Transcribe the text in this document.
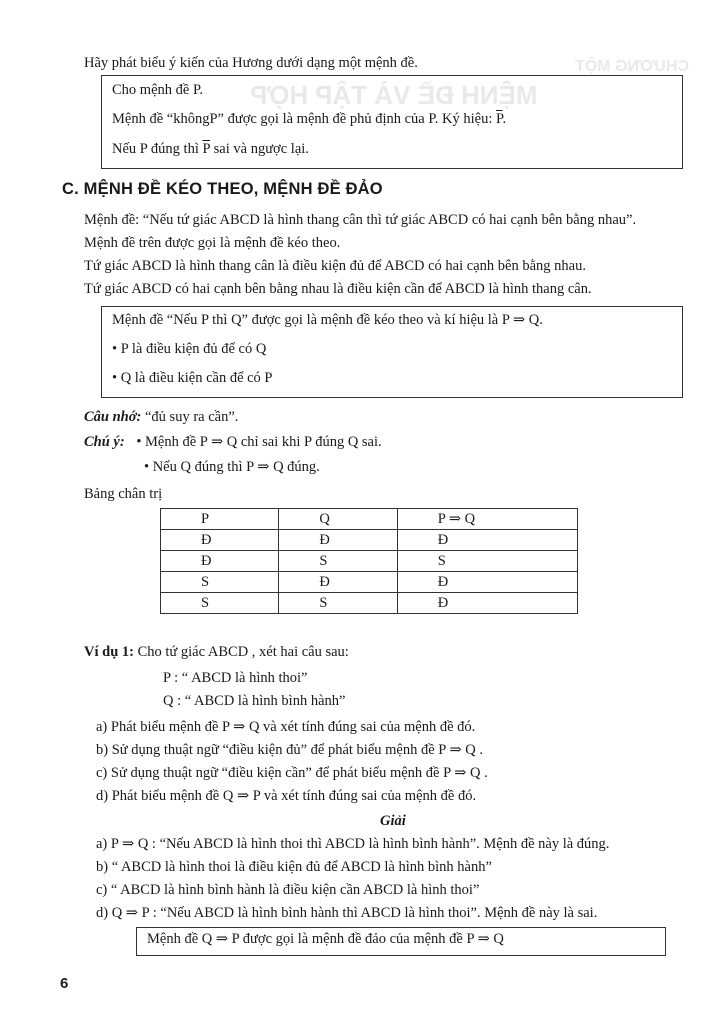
MỆNH ĐỀ VÀ TẬP HỢP
CHƯƠNG MỘT
Hãy phát biểu ý kiến của Hương dưới dạng một mệnh đề.
Cho mệnh đề P.
Mệnh đề “khôngP” được gọi là mệnh đề phủ định của P. Ký hiệu: $\overline{P}$.
Nếu P đúng thì $\overline{P}$ sai và ngược lại.
C. MỆNH ĐỀ KÉO THEO, MỆNH ĐỀ ĐẢO
Mệnh đề: “Nếu tứ giác ABCD là hình thang cân thì tứ giác ABCD có hai cạnh bên bằng nhau”.
Mệnh đề trên được gọi là mệnh đề kéo theo.
Tứ giác ABCD là hình thang cân là điều kiện đủ để ABCD có hai cạnh bên bằng nhau.
Tứ giác ABCD có hai cạnh bên bằng nhau là điều kiện cần để ABCD là hình thang cân.
Mệnh đề “Nếu P thì Q” được gọi là mệnh đề kéo theo và kí hiệu là P ⇒ Q.
• P là điều kiện đủ để có Q
• Q là điều kiện cần để có P
Câu nhớ: “đủ suy ra cần”.
Chú ý: • Mệnh đề P ⇒ Q chỉ sai khi P đúng Q sai.
• Nếu Q đúng thì P ⇒ Q đúng.
Bảng chân trị
P	Q	P ⇒ Q
Đ	Đ	Đ
Đ	S	S
S	Đ	Đ
S	S	Đ
Ví dụ 1: Cho tứ giác ABCD , xét hai câu sau:
P : “ ABCD là hình thoi”
Q : “ ABCD là hình bình hành”
a) Phát biểu mệnh đề P ⇒ Q và xét tính đúng sai của mệnh đề đó.
b) Sử dụng thuật ngữ “điều kiện đủ” để phát biểu mệnh đề P ⇒ Q .
c) Sử dụng thuật ngữ “điều kiện cần” để phát biểu mệnh đề P ⇒ Q .
d) Phát biểu mệnh đề Q ⇒ P và xét tính đúng sai của mệnh đề đó.
Giải
a) P ⇒ Q : “Nếu ABCD là hình thoi thì ABCD là hình bình hành”. Mệnh đề này là đúng.
b) “ ABCD là hình thoi là điều kiện đủ để ABCD là hình bình hành”
c) “ ABCD là hình bình hành là điều kiện cần ABCD là hình thoi”
d) Q ⇒ P : “Nếu ABCD là hình bình hành thì ABCD là hình thoi”. Mệnh đề này là sai.
Mệnh đề Q ⇒ P được gọi là mệnh đề đảo của mệnh đề P ⇒ Q
6
